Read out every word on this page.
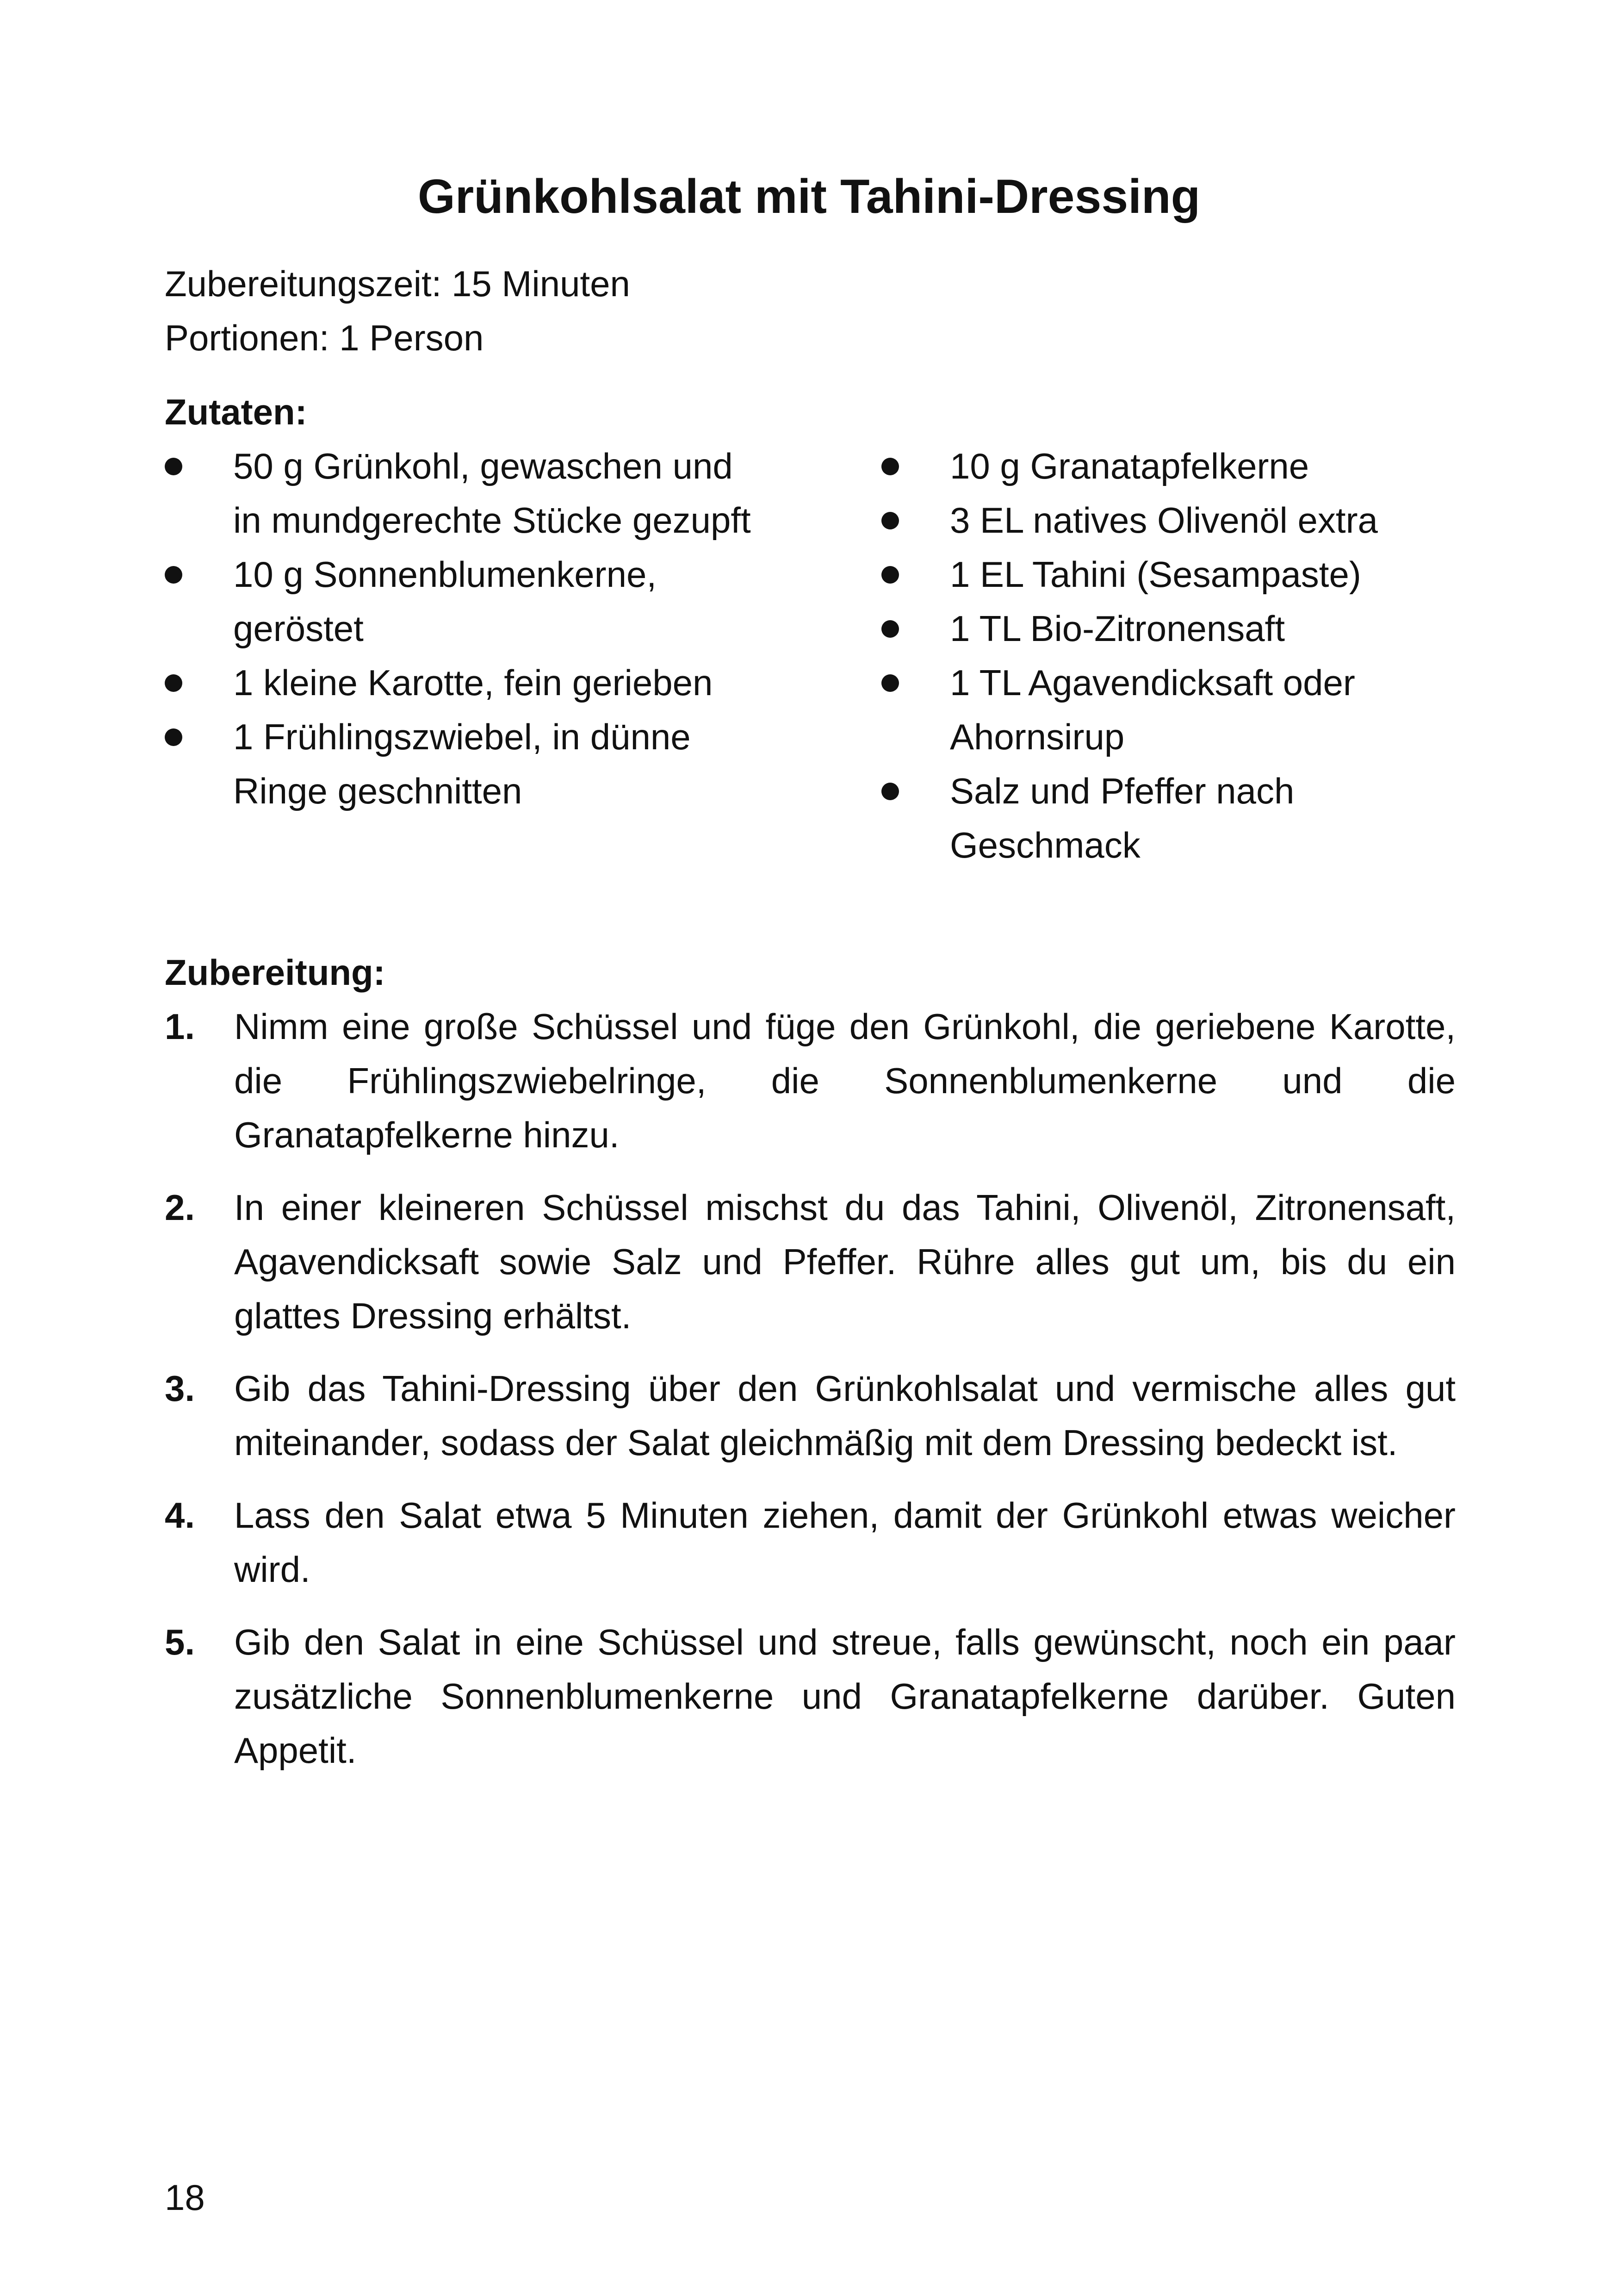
Grünkohlsalat mit Tahini-Dressing
Zubereitungszeit: 15 Minuten
Portionen: 1 Person
Zutaten:
50 g Grünkohl, gewaschen und in mundgerechte Stücke gezupft
10 g Sonnenblumenkerne, geröstet
1 kleine Karotte, fein gerieben
1 Frühlingszwiebel, in dünne Ringe geschnitten
10 g Granatapfelkerne
3 EL natives Olivenöl extra
1 EL Tahini (Sesampaste)
1 TL Bio-Zitronensaft
1 TL Agavendicksaft oder Ahornsirup
Salz und Pfeffer nach Geschmack
Zubereitung:
1. Nimm eine große Schüssel und füge den Grünkohl, die geriebene Karotte, die Frühlingszwiebelringe, die Sonnenblumenkerne und die Granatapfelkerne hinzu.
2. In einer kleineren Schüssel mischst du das Tahini, Olivenöl, Zitronensaft, Agavendicksaft sowie Salz und Pfeffer. Rühre alles gut um, bis du ein glattes Dressing erhältst.
3. Gib das Tahini-Dressing über den Grünkohlsalat und vermische alles gut miteinander, sodass der Salat gleichmäßig mit dem Dressing bedeckt ist.
4. Lass den Salat etwa 5 Minuten ziehen, damit der Grünkohl etwas weicher wird.
5. Gib den Salat in eine Schüssel und streue, falls gewünscht, noch ein paar zusätzliche Sonnenblumenkerne und Granatapfelkerne darüber. Guten Appetit.
18
